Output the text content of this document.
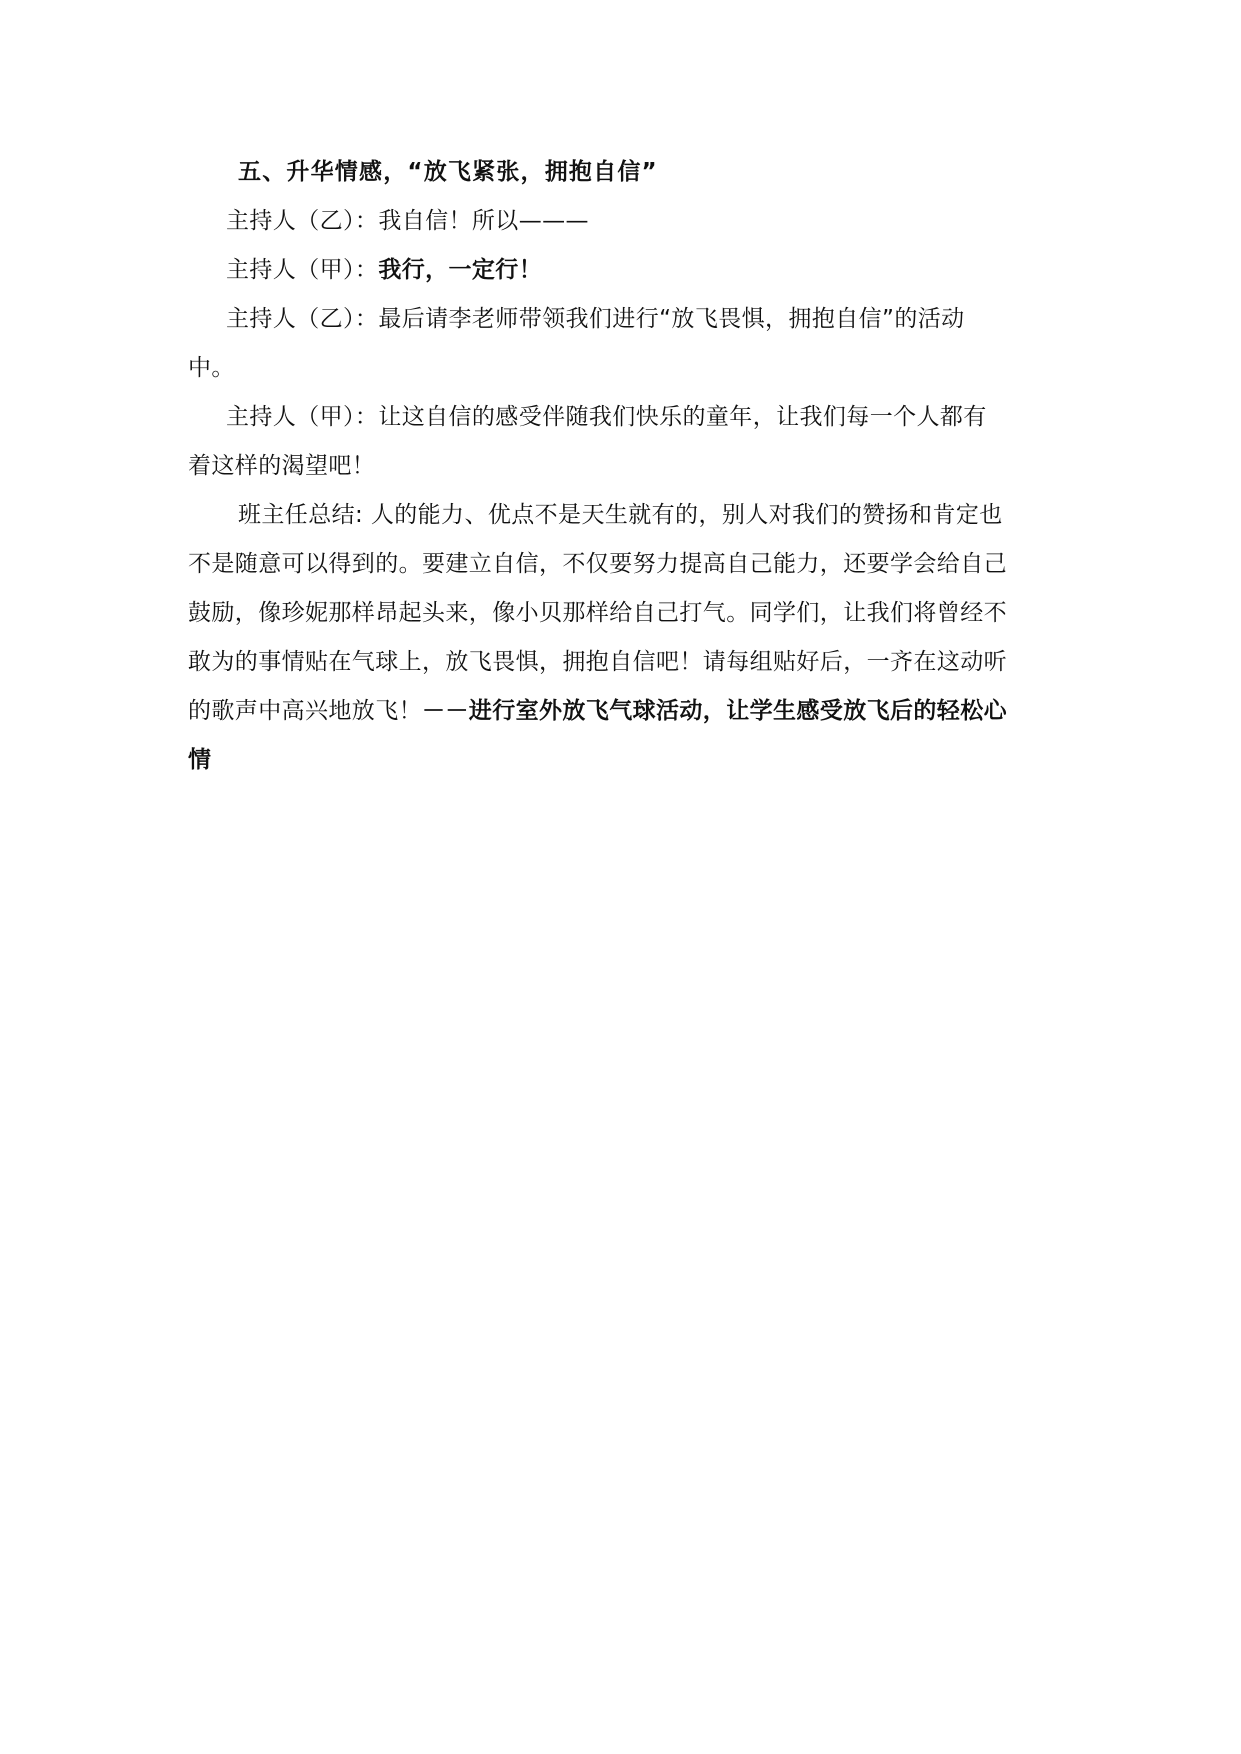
五、升华情感，“放飞紧张，拥抱自信”

主持人（乙）：我自信！所以———

主持人（甲）：我行，一定行！

主持人（乙）：最后请李老师带领我们进行“放飞畏惧，拥抱自信”的活动

中。

主持人（甲）：让这自信的感受伴随我们快乐的童年，让我们每一个人都有

着这样的渴望吧！

班主任总结: 人的能力、优点不是天生就有的，别人对我们的赞扬和肯定也

不是随意可以得到的。要建立自信，不仅要努力提高自己能力，还要学会给自己

鼓励，像珍妮那样昂起头来，像小贝那样给自己打气。同学们，让我们将曾经不

敢为的事情贴在气球上，放飞畏惧，拥抱自信吧！请每组贴好后，一齐在这动听

的歌声中高兴地放飞！－－进行室外放飞气球活动，让学生感受放飞后的轻松心

情
